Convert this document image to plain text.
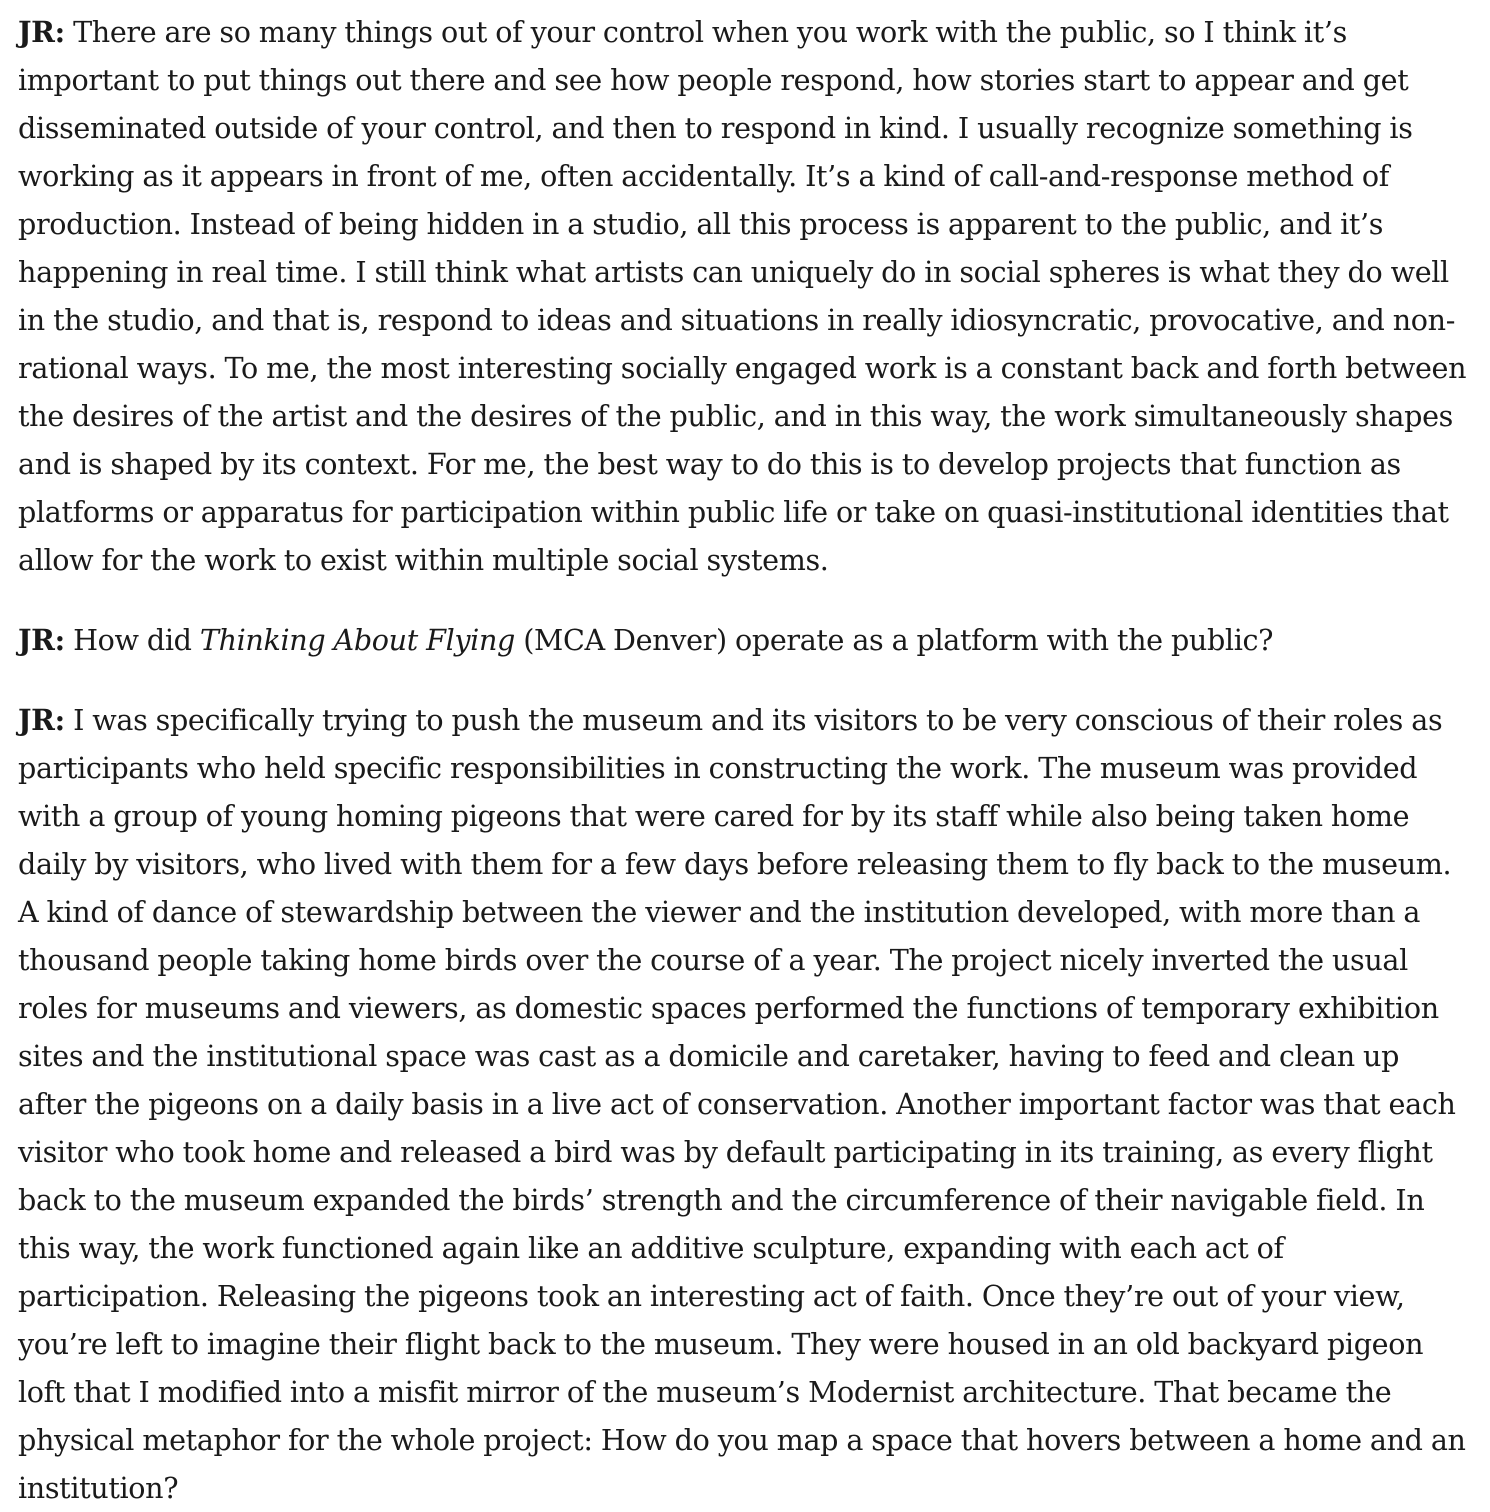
JR: There are so many things out of your control when you work with the public, so I think it’s important to put things out there and see how people respond, how stories start to appear and get disseminated outside of your control, and then to respond in kind. I usually recognize something is working as it appears in front of me, often accidentally. It’s a kind of call-and-response method of production. Instead of being hidden in a studio, all this process is apparent to the public, and it’s happening in real time. I still think what artists can uniquely do in social spheres is what they do well in the studio, and that is, respond to ideas and situations in really idiosyncratic, provocative, and non-rational ways. To me, the most interesting socially engaged work is a constant back and forth between the desires of the artist and the desires of the public, and in this way, the work simultaneously shapes and is shaped by its context. For me, the best way to do this is to develop projects that function as platforms or apparatus for participation within public life or take on quasi-institutional identities that allow for the work to exist within multiple social systems.

JR: How did Thinking About Flying (MCA Denver) operate as a platform with the public?

JR: I was specifically trying to push the museum and its visitors to be very conscious of their roles as participants who held specific responsibilities in constructing the work. The museum was provided with a group of young homing pigeons that were cared for by its staff while also being taken home daily by visitors, who lived with them for a few days before releasing them to fly back to the museum. A kind of dance of stewardship between the viewer and the institution developed, with more than a thousand people taking home birds over the course of a year. The project nicely inverted the usual roles for museums and viewers, as domestic spaces performed the functions of temporary exhibition sites and the institutional space was cast as a domicile and caretaker, having to feed and clean up after the pigeons on a daily basis in a live act of conservation. Another important factor was that each visitor who took home and released a bird was by default participating in its training, as every flight back to the museum expanded the birds’ strength and the circumference of their navigable field. In this way, the work functioned again like an additive sculpture, expanding with each act of participation. Releasing the pigeons took an interesting act of faith. Once they’re out of your view, you’re left to imagine their flight back to the museum. They were housed in an old backyard pigeon loft that I modified into a misfit mirror of the museum’s Modernist architecture. That became the physical metaphor for the whole project: How do you map a space that hovers between a home and an institution?
